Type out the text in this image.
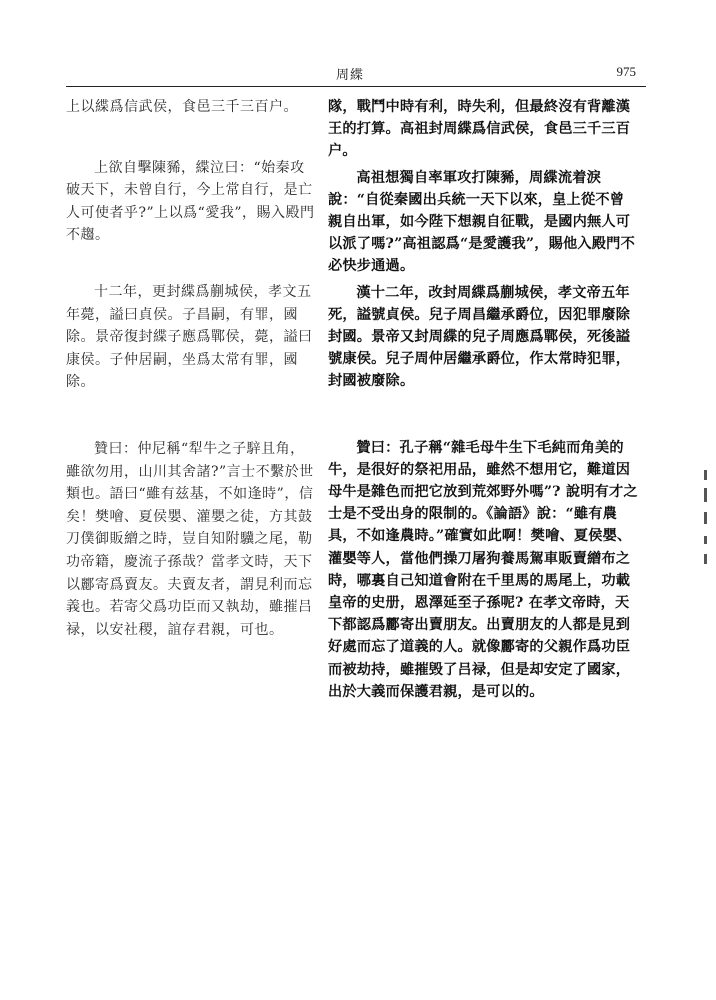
周緤	975

上以緤爲信武侯，食邑三千三百户。

上欲自擊陳豨，緤泣曰：“始秦攻破天下，未曾自行，今上常自行，是亡人可使者乎?”上以爲“愛我”，賜入殿門不趨。

十二年，更封緤爲蒯城侯，孝文五年薨，謚曰貞侯。子昌嗣，有罪，國除。景帝復封緤子應爲鄲侯，薨，謚曰康侯。子仲居嗣，坐爲太常有罪，國除。

贊曰：仲尼稱“犁牛之子騂且角，雖欲勿用，山川其舍諸?”言士不繫於世類也。語曰“雖有兹基，不如逢時”，信矣！樊噲、夏侯嬰、灌嬰之徒，方其鼓刀僕御販繒之時，豈自知附驥之尾，勒功帝籍，慶流子孫哉？當孝文時，天下以酈寄爲賣友。夫賣友者，謂見利而忘義也。若寄父爲功臣而又執劫，雖摧吕禄，以安社稷，誼存君親，可也。

隊，戰鬥中時有利，時失利，但最終沒有背離漢王的打算。高祖封周緤爲信武侯，食邑三千三百户。

高祖想獨自率軍攻打陳豨，周緤流着淚說：“自從秦國出兵統一天下以來，皇上從不曾親自出軍，如今陛下想親自征戰，是國内無人可以派了嗎?”高祖認爲“是愛護我”，賜他入殿門不必快步通過。

漢十二年，改封周緤爲蒯城侯，孝文帝五年死，謚號貞侯。兒子周昌繼承爵位，因犯罪廢除封國。景帝又封周緤的兒子周應爲鄲侯，死後謚號康侯。兒子周仲居繼承爵位，作太常時犯罪，封國被廢除。

贊曰：孔子稱“雜毛母牛生下毛純而角美的牛，是很好的祭祀用品，雖然不想用它，難道因母牛是雜色而把它放到荒郊野外嗎”? 說明有才之士是不受出身的限制的。《論語》說：“雖有農具，不如逢農時。”確實如此啊！樊噲、夏侯嬰、灌嬰等人，當他們操刀屠狗養馬駕車販賣繒布之時，哪裏自己知道會附在千里馬的馬尾上，功載皇帝的史册，恩澤延至子孫呢? 在孝文帝時，天下都認爲酈寄出賣朋友。出賣朋友的人都是見到好處而忘了道義的人。就像酈寄的父親作爲功臣而被劫持，雖摧毁了吕禄，但是却安定了國家，出於大義而保護君親，是可以的。
